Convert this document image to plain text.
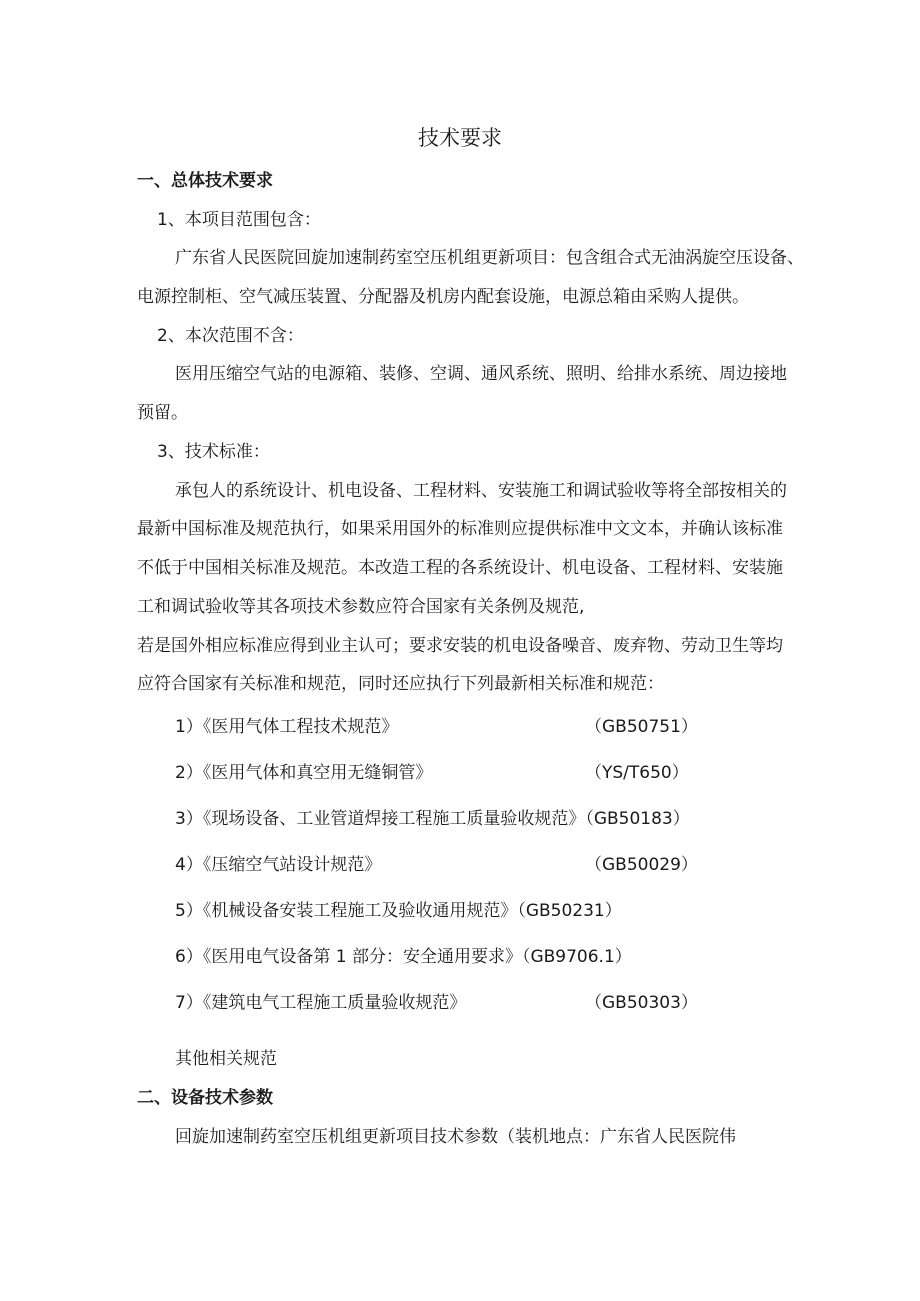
技术要求
一、总体技术要求
1、本项目范围包含：
广东省人民医院回旋加速制药室空压机组更新项目：包含组合式无油涡旋空压设备、
电源控制柜、空气减压装置、分配器及机房内配套设施，电源总箱由采购人提供。
2、本次范围不含：
医用压缩空气站的电源箱、装修、空调、通风系统、照明、给排水系统、周边接地
预留。
3、技术标准：
承包人的系统设计、机电设备、工程材料、安装施工和调试验收等将全部按相关的
最新中国标准及规范执行，如果采用国外的标准则应提供标准中文文本，并确认该标准
不低于中国相关标准及规范。本改造工程的各系统设计、机电设备、工程材料、安装施
工和调试验收等其各项技术参数应符合国家有关条例及规范,
若是国外相应标准应得到业主认可；要求安装的机电设备噪音、废弃物、劳动卫生等均
应符合国家有关标准和规范，同时还应执行下列最新相关标准和规范：
1）《医用气体工程技术规范》	（GB50751）
2）《医用气体和真空用无缝铜管》	（YS/T650）
3）《现场设备、工业管道焊接工程施工质量验收规范》（GB50183）
4）《压缩空气站设计规范》	（GB50029）
5）《机械设备安装工程施工及验收通用规范》（GB50231）
6）《医用电气设备第 1 部分：安全通用要求》（GB9706.1）
7）《建筑电气工程施工质量验收规范》	（GB50303）
其他相关规范
二、设备技术参数
回旋加速制药室空压机组更新项目技术参数（装机地点：广东省人民医院伟
